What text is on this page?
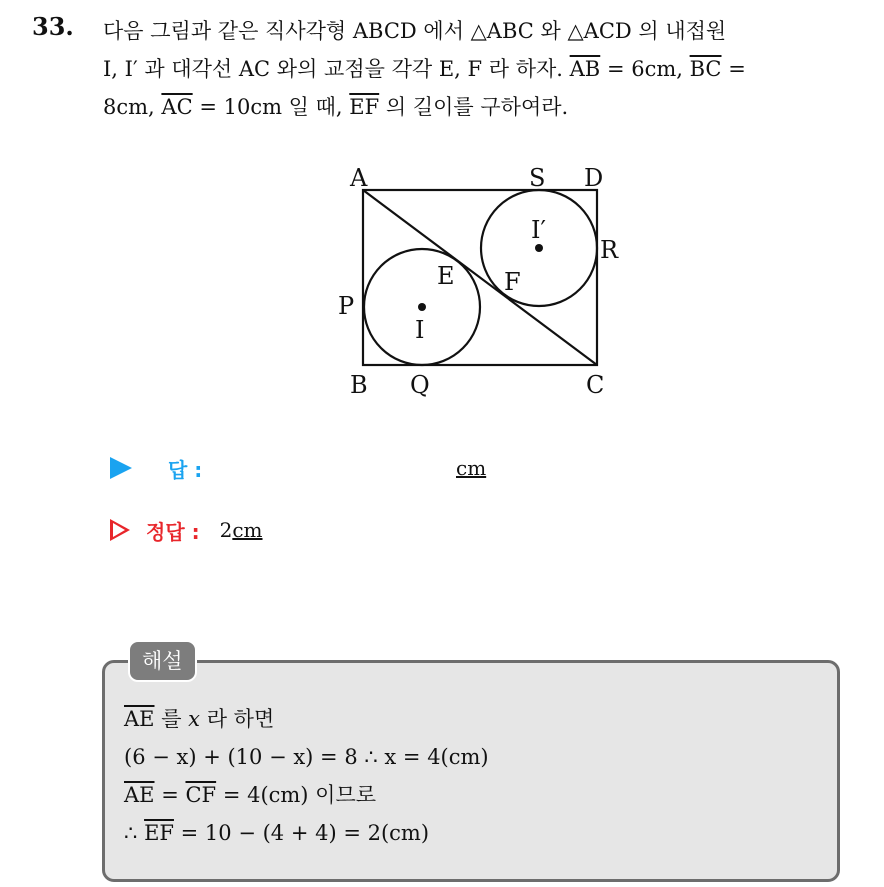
33. 다음 그림과 같은 직사각형 ABCD 에서 △ABC 와 △ACD 의 내접원
I, I′ 과 대각선 AC 와의 교점을 각각 E, F 라 하자. $\overline{AB} = 6cm$, $\overline{BC}$ =
8cm, $\overline{AC} = 10cm$ 일 때, $\overline{EF}$ 의 길이를 구하여라.
A	S D
R
I′
E F
P
I
B Q	C
답 :	cm
정답 : 2cm
해설
$\overline{AE}$ 를 x 라 하면
(6 − x) + (10 − x) = 8 ∴ x = 4(cm)
$\overline{AE} = \overline{CF} = 4(cm)$ 이므로
∴ $\overline{EF} = 10 - (4 + 4) = 2(cm)$
